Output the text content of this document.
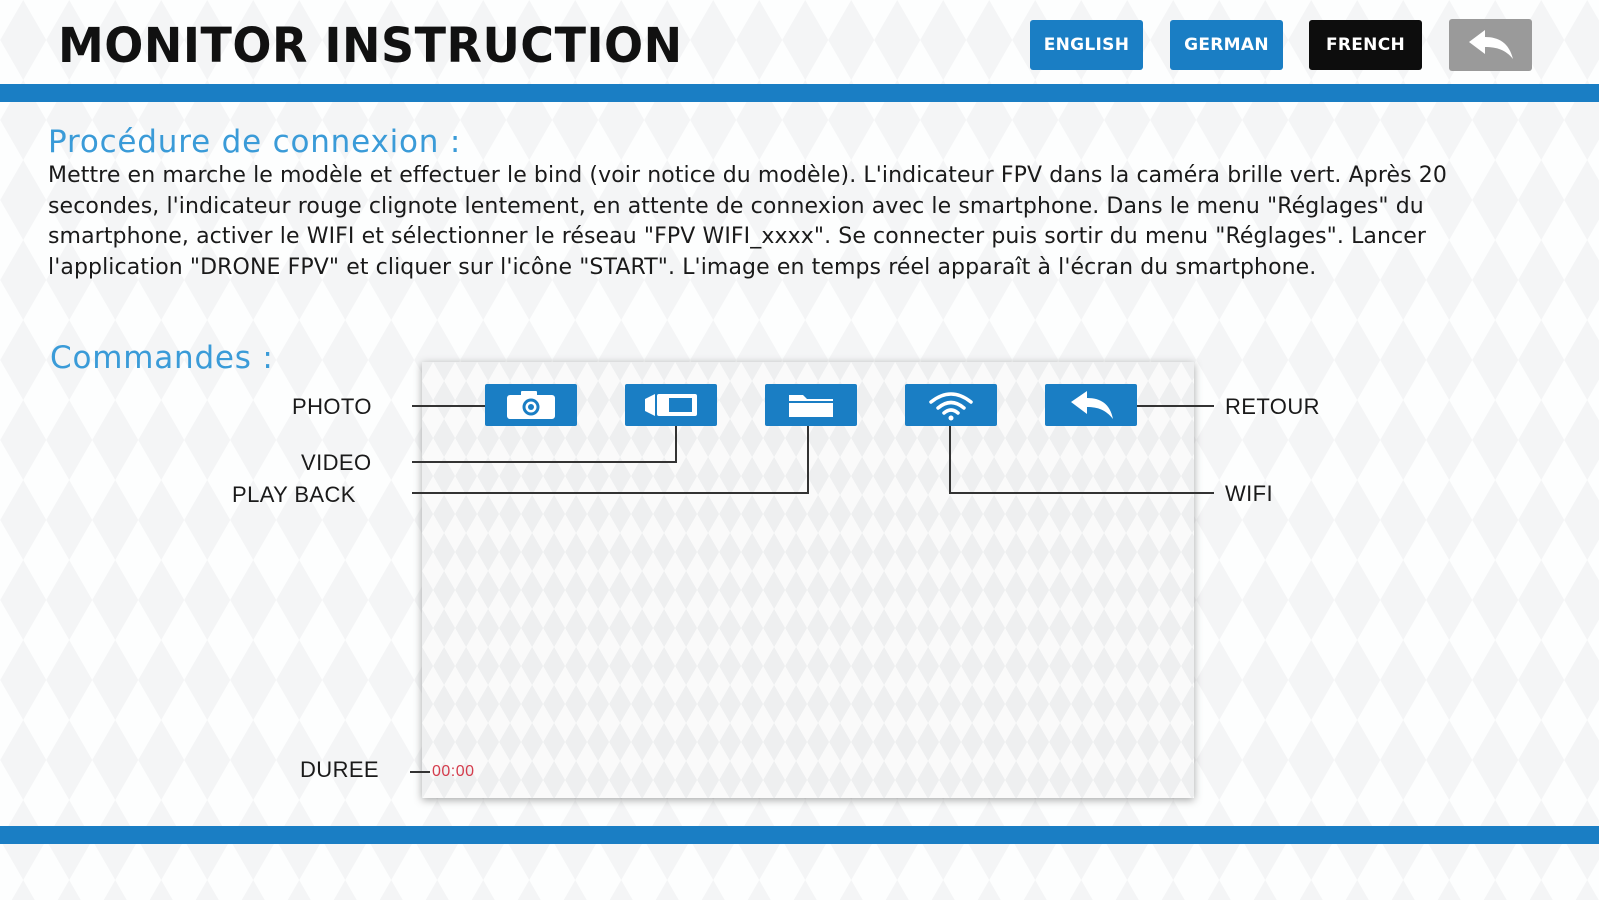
MONITOR INSTRUCTION	ENGLISH	GERMAN	FRENCH
Procédure de connexion :

Mettre en marche le modèle et effectuer le bind (voir notice du modèle). L'indicateur FPV dans la caméra brille vert. Après 20 secondes, l'indicateur rouge clignote lentement, en attente de connexion avec le smartphone. Dans le menu "Réglages" du smartphone, activer le WIFI et sélectionner le réseau "FPV WIFI_xxxx". Se connecter puis sortir du menu "Réglages". Lancer l'application "DRONE FPV" et cliquer sur l'icône "START". L'image en temps réel apparaît à l'écran du smartphone.

Commandes :
PHOTO
VIDEO
PLAY BACK
RETOUR
WIFI
DUREE	00:00
